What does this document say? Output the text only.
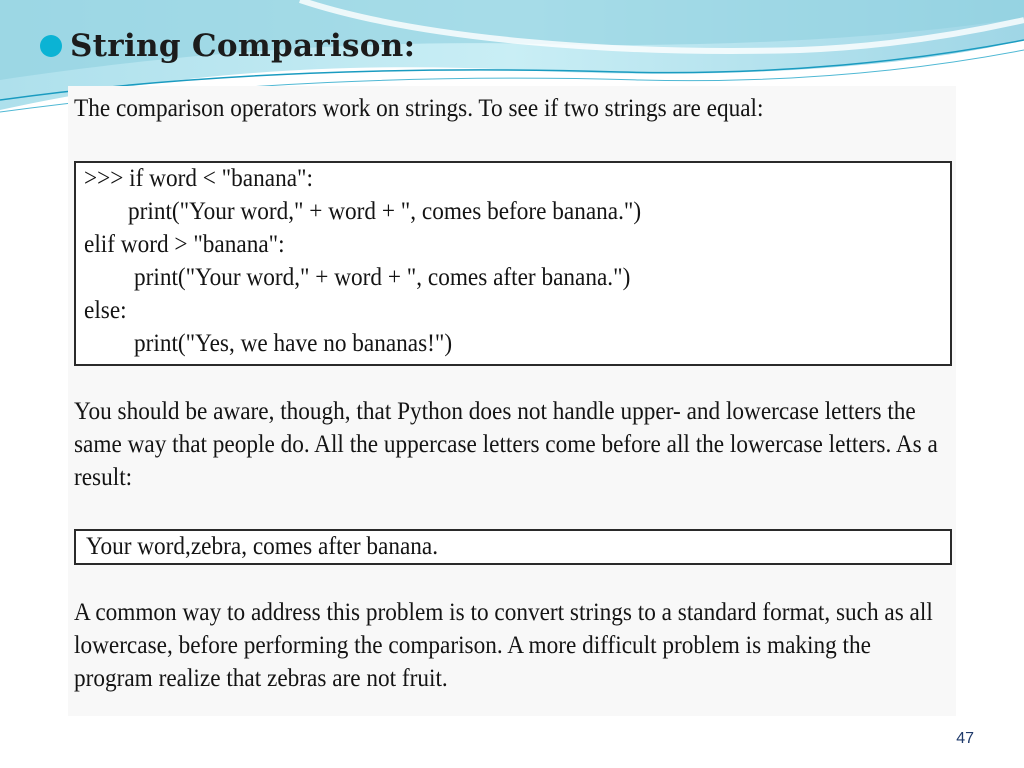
String Comparison:
The comparison operators work on strings. To see if two strings are equal:
>>> if word < "banana":
print("Your word," + word + ", comes before banana.")
elif word > "banana":
print("Your word," + word + ", comes after banana.")
else:
print("Yes, we have no bananas!")
You should be aware, though, that Python does not handle upper- and lowercase letters the same way that people do. All the uppercase letters come before all the lowercase letters. As a result:
Your word,zebra, comes after banana.
A common way to address this problem is to convert strings to a standard format, such as all lowercase, before performing the comparison. A more difficult problem is making the program realize that zebras are not fruit.
47
